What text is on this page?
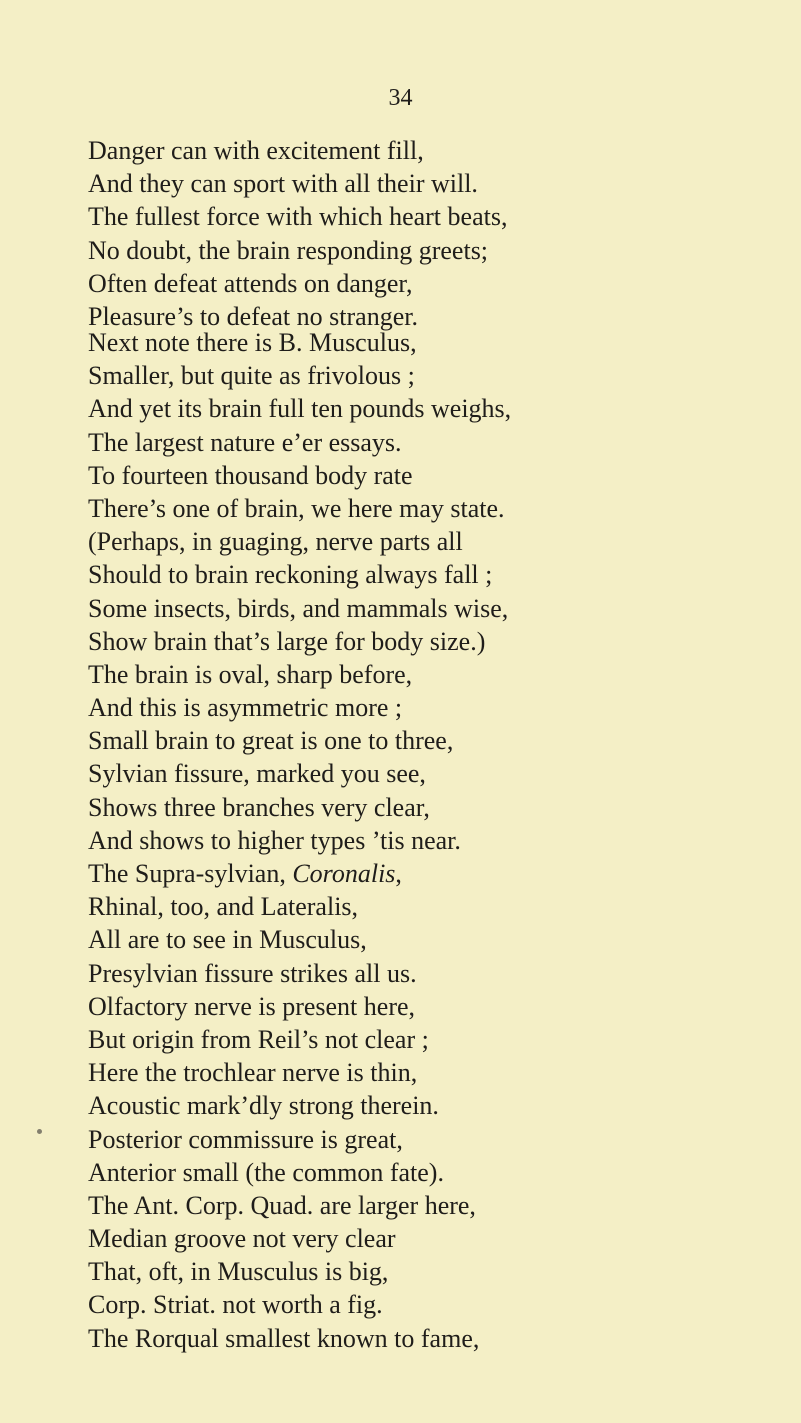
34
Danger can with excitement fill,
And they can sport with all their will.
The fullest force with which heart beats,
No doubt, the brain responding greets;
Often defeat attends on danger,
Pleasure’s to defeat no stranger.
Next note there is B. Musculus,
Smaller, but quite as frivolous ;
And yet its brain full ten pounds weighs,
The largest nature e’er essays.
To fourteen thousand body rate
There’s one of brain, we here may state.
(Perhaps, in guaging, nerve parts all
Should to brain reckoning always fall ;
Some insects, birds, and mammals wise,
Show brain that’s large for body size.)
The brain is oval, sharp before,
And this is asymmetric more ;
Small brain to great is one to three,
Sylvian fissure, marked you see,
Shows three branches very clear,
And shows to higher types ’tis near.
The Supra-sylvian, Coronalis,
Rhinal, too, and Lateralis,
All are to see in Musculus,
Presylvian fissure strikes all us.
Olfactory nerve is present here,
But origin from Reil’s not clear ;
Here the trochlear nerve is thin,
Acoustic mark’dly strong therein.
Posterior commissure is great,
Anterior small (the common fate).
The Ant. Corp. Quad. are larger here,
Median groove not very clear
That, oft, in Musculus is big,
Corp. Striat. not worth a fig.
The Rorqual smallest known to fame,
